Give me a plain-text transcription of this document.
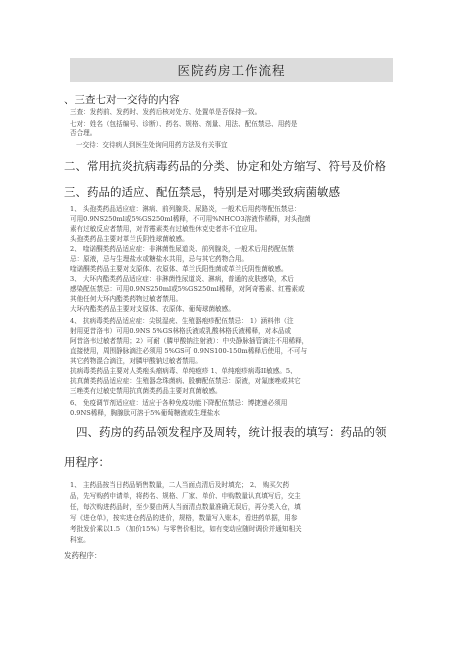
医院药房工作流程
、三查七对一交待的内容
三查：发药前、发药时、发药后核对处方、处置单是否保持一致。
七对：姓名（包括编号、诊断）、药名、规格、剂量、用法、配伍禁忌、用药是
否合理。
一交待：交待病人到医生处询问用药方法及有关事宜
二、常用抗炎抗病毒药品的分类、协定和处方缩写、符号及价格
三、药品的适应、配伍禁忌，特别是对哪类致病菌敏感
1、 头孢类药品适应症：淋病、前列腺炎、尿路炎，一般术后用药等配伍禁忌：
可用0.9NS250ml或5%GS250ml稀释，不可用%NHCO3溶液作稀释，对头孢菌
素有过敏反应者禁用，对青霉素类有过敏性休克史者亦不宜应用。
头孢类药品主要对革兰氏阴性球菌敏感。
2、 喹诺酮类药品适应症：非淋菌性尿道炎、前列腺炎，一般术后用药配伍禁
忌：原液，忌与生理盐水或糖盐水共用，忌与其它药物合用。
喹诺酮类药品主要对支原体、衣原体、革兰氏阳性菌或革兰氏阴性菌敏感。
3、 大环内酯类药品适应症：非淋菌性尿道炎、淋病，普通的皮肤感染，术后
感染配伍禁忌：可用0.9NS250ml或5%GS250ml稀释，对阿奇霉素、红霉素或
其他任何大环内酯类药物过敏者禁用。
大环内酯类药品主要对支原体、衣原体、葡萄球菌敏感。
4、 抗病毒类药品适应症：尖锐湿疣、生殖器疱疹配伍禁忌： 1）涵料伟（注
射用更昔洛韦）可用0.9NS 5%GS林格氏液或乳酸林格氏液稀释，对本品或
阿昔洛韦过敏者禁用；2）可耐（膦甲酸钠注射液）：中央静脉插管滴注不用稀释，
直接使用，周围静脉滴注必须用 5%GS可 0.9NS100-150m稀释后使用，不可与
其它药物混合滴注，对膦甲酸钠过敏者禁用。
抗病毒类药品主要对人类疱头瘤病毒、单纯疱疹 1、单纯疱疹病毒II敏感。5、
抗真菌类药品适应症：生殖器念珠菌病、股癣配伍禁忌：原液，对氟康唑或其它
三唑类有过敏史禁用抗真菌类药品主要对真菌敏感。
6、 免疫调节剂适应症：适应于各种免疫功能下降配伍禁忌：博捷速必须用
0.9NS稀释，胸腺肽可溶于5%葡萄糖液或生理盐水
四、药房的药品领发程序及周转，统计报表的填写：药品的领
用程序：
1、 主药品按当日药品销售数量，二人当面点清后及时填充； 2、 购买欠药
品，先写购药申请单，将药名、规格、厂家、单价、申购数量认真填写后，交主
任，每次购进药品时，至少要由两人当面清点数量准确无误后，再分类入仓，填
写《进仓单》，按实进仓药品的进价，规格，数量写入账本，看进药单据，用参
考批发价乘以1.5 （加价15%）与零售价相比，如有变动应随时调价并通知相关
科室。
发药程序：
